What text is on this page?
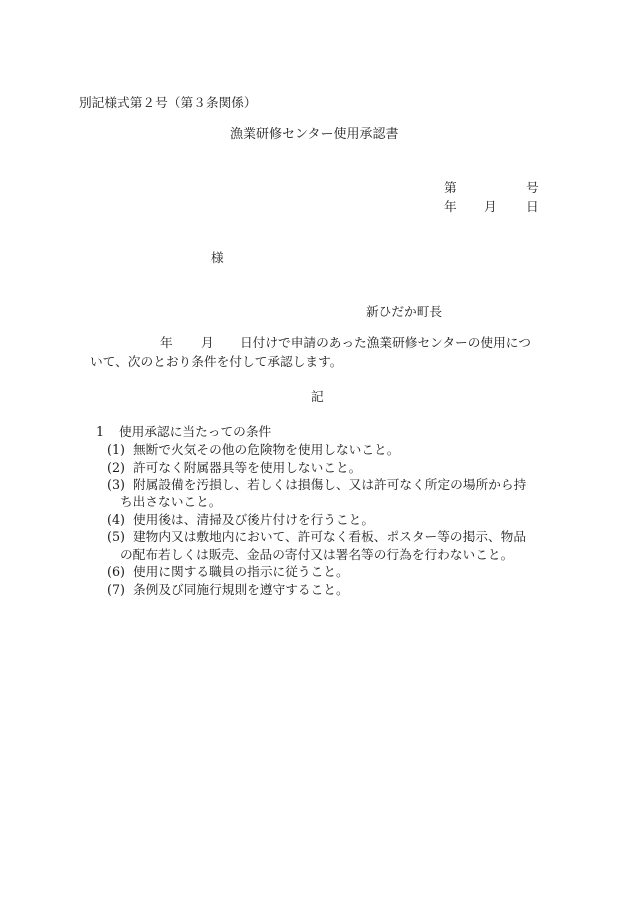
別記様式第２号（第３条関係）
漁業研修センター使用承認書
第	号
年 月 日
様
新ひだか町長
年 月 日付けで申請のあった漁業研修センターの使用につ
いて、次のとおり条件を付して承認します。
記
1 使用承認に当たっての条件
(1) 無断で火気その他の危険物を使用しないこと。
(2) 許可なく附属器具等を使用しないこと。
(3) 附属設備を汚損し、若しくは損傷し、又は許可なく所定の場所から持
ち出さないこと。
(4) 使用後は、清掃及び後片付けを行うこと。
(5) 建物内又は敷地内において、許可なく看板、ポスター等の掲示、物品
の配布若しくは販売、金品の寄付又は署名等の行為を行わないこと。
(6) 使用に関する職員の指示に従うこと。
(7) 条例及び同施行規則を遵守すること。
